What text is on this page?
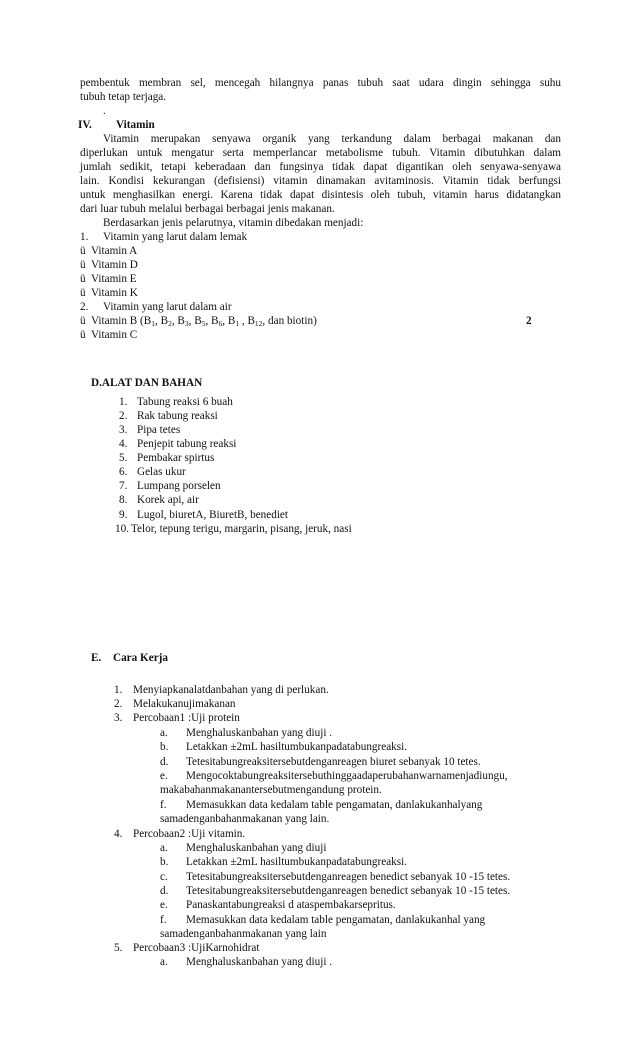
pembentuk membran sel, mencegah hilangnya panas tubuh saat udara dingin sehingga suhu
tubuh tetap terjaga.
.
IV. Vitamin
Vitamin merupakan senyawa organik yang terkandung dalam berbagai makanan dan
diperlukan untuk mengatur serta memperlancar metabolisme tubuh. Vitamin dibutuhkan dalam
jumlah sedikit, tetapi keberadaan dan fungsinya tidak dapat digantikan oleh senyawa-senyawa
lain. Kondisi kekurangan (defisiensi) vitamin dinamakan avitaminosis. Vitamin tidak berfungsi
untuk menghasilkan energi. Karena tidak dapat disintesis oleh tubuh, vitamin harus didatangkan
dari luar tubuh melalui berbagai berbagai jenis makanan.
Berdasarkan jenis pelarutnya, vitamin dibedakan menjadi:
1. Vitamin yang larut dalam lemak
ü Vitamin A
ü Vitamin D
ü Vitamin E
ü Vitamin K
2. Vitamin yang larut dalam air
ü Vitamin B ($B_1$, $B_2$, $B_3$, $B_5$, $B_6$, $B_1$ , $B_{12}$, dan biotin)	2
ü Vitamin C
D.ALAT DAN BAHAN
1. Tabung reaksi 6 buah
2. Rak tabung reaksi
3. Pipa tetes
4. Penjepit tabung reaksi
5. Pembakar spirtus
6. Gelas ukur
7. Lumpang porselen
8. Korek api, air
9. Lugol, biuretA, BiuretB, benediet
10. Telor, tepung terigu, margarin, pisang, jeruk, nasi
E. Cara Kerja
1. Menyiapkanalatdanbahan yang di perlukan.
2. Melakukanujimakanan
3. Percobaan1 :Uji protein
4. Percobaan2 :Uji vitamin.
5. Percobaan3 :UjiKarnohidrat
a. Menghaluskanbahan yang diuji .
b. Letakkan ±2mL hasiltumbukanpadatabungreaksi.
d. Tetesitabungreaksitersebutdenganreagen biuret sebanyak 10 tetes.
e. Mengocoktabungreaksitersebuthinggaadaperubahanwarnamenjadiungu,
makabahanmakanantersebutmengandung protein.
f. Memasukkan data kedalam table pengamatan, danlakukanhalyang
samadenganbahanmakanan yang lain.
a. Menghaluskanbahan yang diuji
b. Letakkan ±2mL hasiltumbukanpadatabungreaksi.
c. Tetesitabungreaksitersebutdenganreagen benedict sebanyak 10 -15 tetes.
d. Tetesitabungreaksitersebutdenganreagen benedict sebanyak 10 -15 tetes.
e. Panaskantabungreaksi d ataspembakarsepritus.
f. Memasukkan data kedalam table pengamatan, danlakukanhal yang
samadenganbahanmakanan yang lain
a. Menghaluskanbahan yang diuji .
